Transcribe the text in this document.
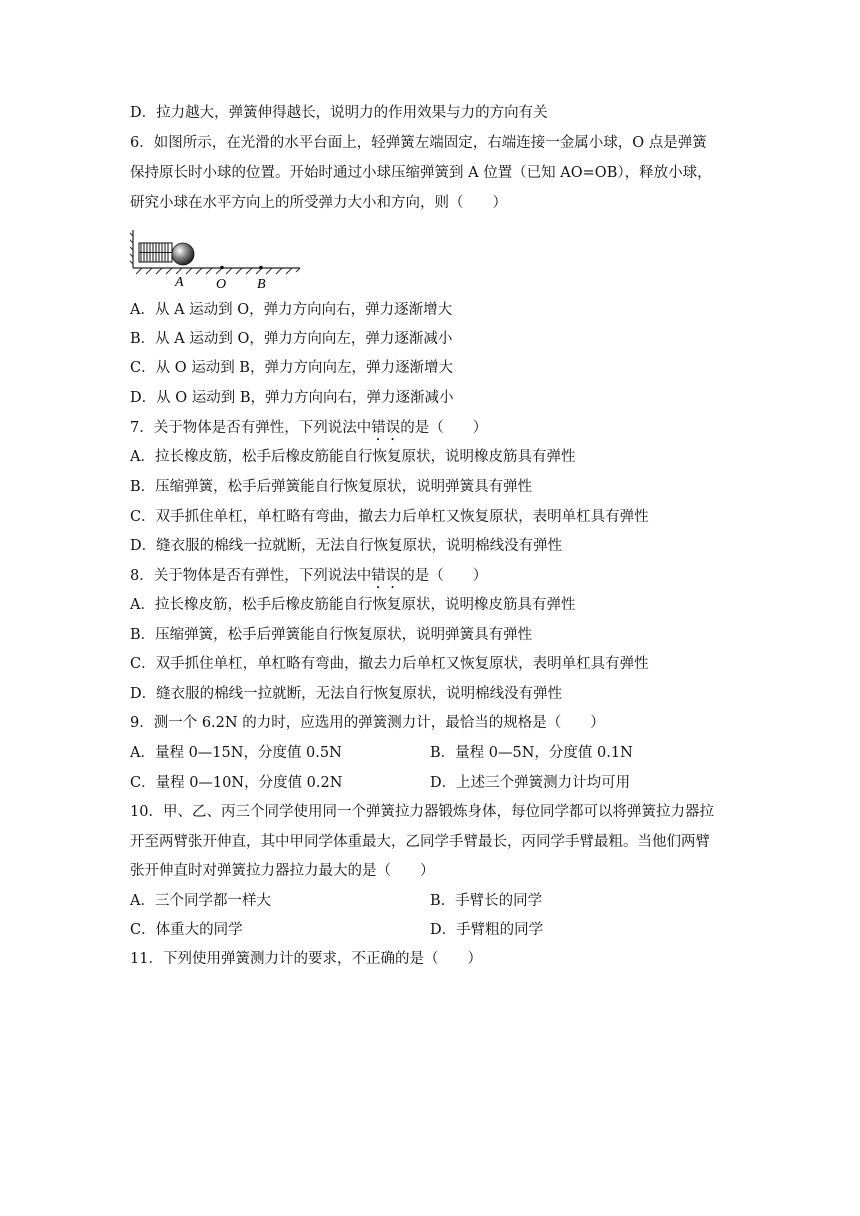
D．拉力越大，弹簧伸得越长，说明力的作用效果与力的方向有关
6．如图所示，在光滑的水平台面上，轻弹簧左端固定，右端连接一金属小球，O 点是弹簧
保持原长时小球的位置。开始时通过小球压缩弹簧到 A 位置（已知 AO=OB），释放小球，
研究小球在水平方向上的所受弹力大小和方向，则（　　）
A O B
A．从 A 运动到 O，弹力方向向右，弹力逐渐增大
B．从 A 运动到 O，弹力方向向左，弹力逐渐减小
C．从 O 运动到 B，弹力方向向左，弹力逐渐增大
D．从 O 运动到 B，弹力方向向右，弹力逐渐减小
7．关于物体是否有弹性，下列说法中错误的是（　　）
A．拉长橡皮筋，松手后橡皮筋能自行恢复原状，说明橡皮筋具有弹性
B．压缩弹簧，松手后弹簧能自行恢复原状，说明弹簧具有弹性
C．双手抓住单杠，单杠略有弯曲，撤去力后单杠又恢复原状，表明单杠具有弹性
D．缝衣服的棉线一拉就断，无法自行恢复原状，说明棉线没有弹性
8．关于物体是否有弹性，下列说法中错误的是（　　）
A．拉长橡皮筋，松手后橡皮筋能自行恢复原状，说明橡皮筋具有弹性
B．压缩弹簧，松手后弹簧能自行恢复原状，说明弹簧具有弹性
C．双手抓住单杠，单杠略有弯曲，撤去力后单杠又恢复原状，表明单杠具有弹性
D．缝衣服的棉线一拉就断，无法自行恢复原状，说明棉线没有弹性
9．测一个 6.2N 的力时，应选用的弹簧测力计，最恰当的规格是（　　）
A．量程 0—15N，分度值 0.5N	B．量程 0—5N，分度值 0.1N
C．量程 0—10N，分度值 0.2N	D．上述三个弹簧测力计均可用
10．甲、乙、丙三个同学使用同一个弹簧拉力器锻炼身体，每位同学都可以将弹簧拉力器拉
开至两臂张开伸直，其中甲同学体重最大，乙同学手臂最长，丙同学手臂最粗。当他们两臂
张开伸直时对弹簧拉力器拉力最大的是（　　）
A．三个同学都一样大	B．手臂长的同学
C．体重大的同学	D．手臂粗的同学
11．下列使用弹簧测力计的要求，不正确的是（　　）
